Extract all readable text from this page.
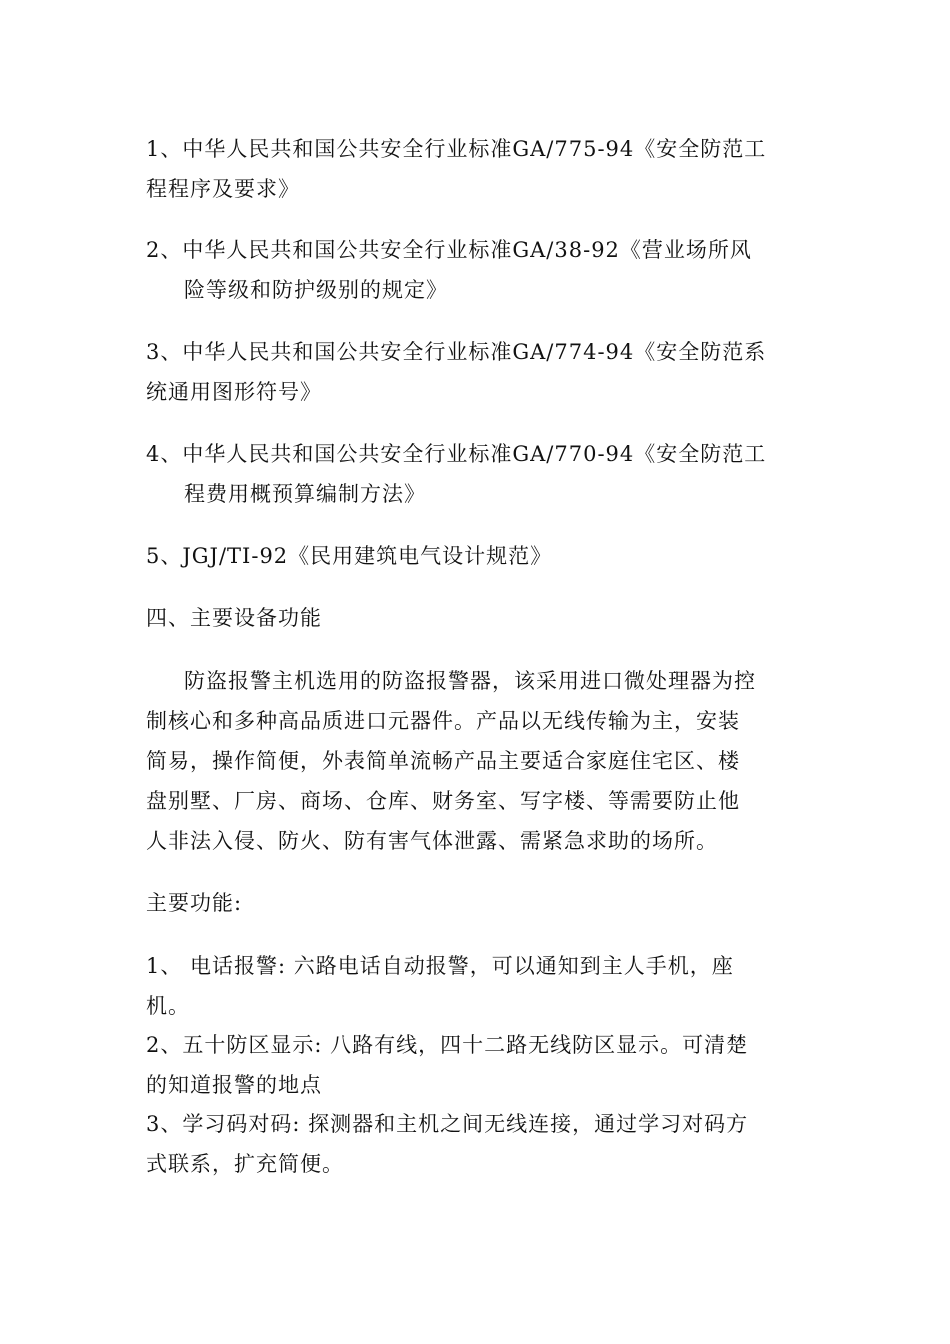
1、中华人民共和国公共安全行业标准GA/775-94《安全防范工
程程序及要求》
2、中华人民共和国公共安全行业标准GA/38-92《营业场所风
险等级和防护级别的规定》
3、中华人民共和国公共安全行业标准GA/774-94《安全防范系
统通用图形符号》
4、中华人民共和国公共安全行业标准GA/770-94《安全防范工
程费用概预算编制方法》
5、JGJ/TI-92《民用建筑电气设计规范》
四、主要设备功能
防盗报警主机选用的防盗报警器，该采用进口微处理器为控
制核心和多种高品质进口元器件。产品以无线传输为主，安装
简易，操作简便，外表简单流畅产品主要适合家庭住宅区、楼
盘别墅、厂房、商场、仓库、财务室、写字楼、等需要防止他
人非法入侵、防火、防有害气体泄露、需紧急求助的场所。
主要功能:
1、 电话报警: 六路电话自动报警，可以通知到主人手机，座
机。
2、五十防区显示: 八路有线，四十二路无线防区显示。可清楚
的知道报警的地点
3、学习码对码: 探测器和主机之间无线连接，通过学习对码方
式联系，扩充简便。
